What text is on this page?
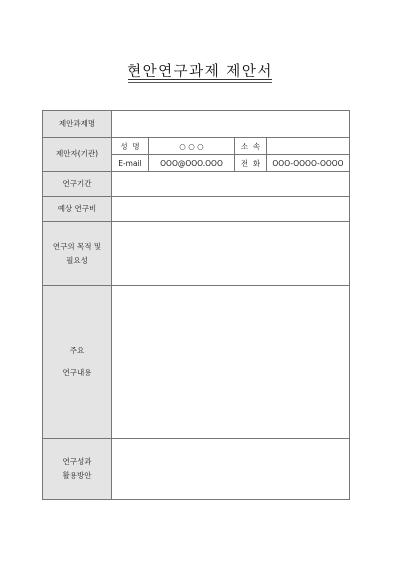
현안연구과제 제안서
제안과제명				
제안자(기관)	성  명	○ ○ ○	소  속	
	E-mail	OOO@OOO.OOO	전  화	OOO-OOOO-OOOO
연구기간				
예상 연구비				

연구의 목적 및
필요성				

주요
연구내용				

연구성과
활용방안				
